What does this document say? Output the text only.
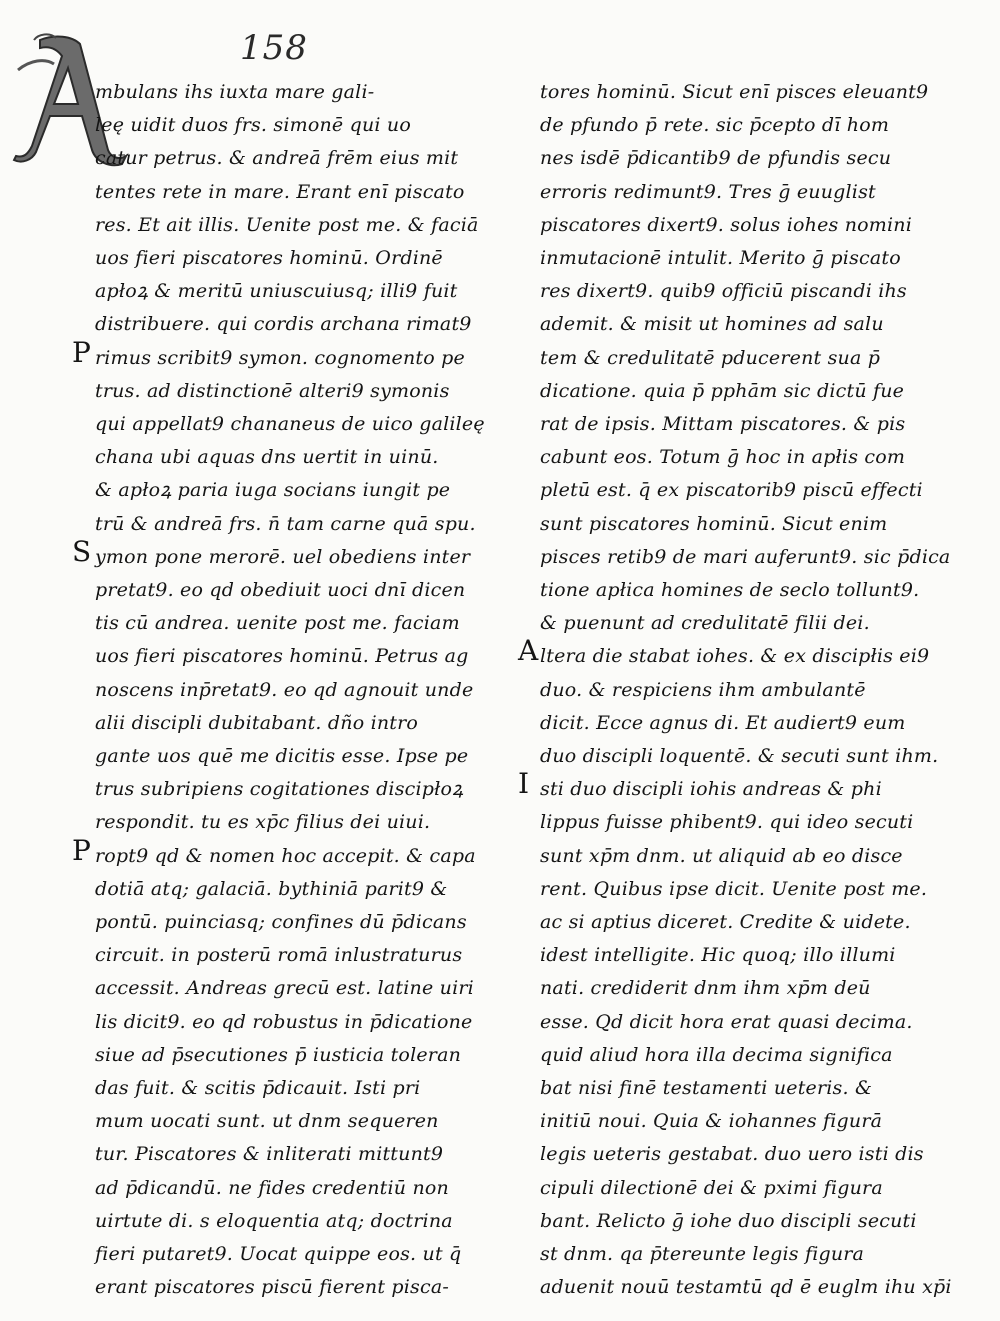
158
mbulans ihs iuxta mare gali-
leę uidit duos frs. simonē qui uo
catur petrus. & andreā frēm eius mit
tentes rete in mare. Erant enī piscato
res. Et ait illis. Uenite post me. & faciā
uos fieri piscatores hominū. Ordinē
apłoꝝ & meritū uniuscuiusq; illi9 fuit
distribuere. qui cordis archana rimat9
rimus scribit9 symon. cognomento pe
trus. ad distinctionē alteri9 symonis
qui appellat9 chananeus de uico galileę
chana ubi aquas dns uertit in uinū.
& apłoꝝ paria iuga socians iungit pe
trū & andreā frs. n̄ tam carne quā spu.
ymon pone merorē. uel obediens inter
pretat9. eo qd obediuit uoci dnī dicen
tis cū andrea. uenite post me. faciam
uos fieri piscatores hominū. Petrus ag
noscens inp̄retat9. eo qd agnouit unde
alii discipli dubitabant. dño intro
gante uos quē me dicitis esse. Ipse pe
trus subripiens cogitationes discipłoꝝ
respondit. tu es xp̄c filius dei uiui.
ropt9 qd & nomen hoc accepit. & capa
dotiā atq; galaciā. bythiniā parit9 &
pontū. puinciasq; confines dū p̄dicans
circuit. in posterū romā inlustraturus
accessit. Andreas grecū est. latine uiri
lis dicit9. eo qd robustus in p̄dicatione
siue ad p̄secutiones p̄ iusticia toleran
das fuit. & scitis p̄dicauit. Isti pri
mum uocati sunt. ut dnm sequeren
tur. Piscatores & inliterati mittunt9
ad p̄dicandū. ne fides credentiū non
uirtute di. s eloquentia atq; doctrina
fieri putaret9. Uocat quippe eos. ut q̄
erant piscatores piscū fierent pisca-
tores hominū. Sicut enī pisces eleuant9
de pfundo p̄ rete. sic p̄cepto dī hom
nes isdē p̄dicantib9 de pfundis secu
erroris redimunt9. Tres ḡ euuglist
piscatores dixert9. solus iohes nomini
inmutacionē intulit. Merito ḡ piscato
res dixert9. quib9 officiū piscandi ihs
ademit. & misit ut homines ad salu
tem & credulitatē pducerent sua p̄
dicatione. quia p̄ pphām sic dictū fue
rat de ipsis. Mittam piscatores. & pis
cabunt eos. Totum ḡ hoc in apłis com
pletū est. q̄ ex piscatorib9 piscū effecti
sunt piscatores hominū. Sicut enim
pisces retib9 de mari auferunt9. sic p̄dica
tione apłica homines de seclo tollunt9.
& puenunt ad credulitatē filii dei.
ltera die stabat iohes. & ex discipłis ei9
duo. & respiciens ihm ambulantē
dicit. Ecce agnus di. Et audiert9 eum
duo discipli loquentē. & secuti sunt ihm.
sti duo discipli iohis andreas & phi
lippus fuisse phibent9. qui ideo secuti
sunt xp̄m dnm. ut aliquid ab eo disce
rent. Quibus ipse dicit. Uenite post me.
ac si aptius diceret. Credite & uidete.
idest intelligite. Hic quoq; illo illumi
nati. crediderit dnm ihm xp̄m deū
esse. Qd dicit hora erat quasi decima.
quid aliud hora illa decima significa
bat nisi finē testamenti ueteris. &
initiū noui. Quia & iohannes figurā
legis ueteris gestabat. duo uero isti dis
cipuli dilectionē dei & pximi figura
bant. Relicto ḡ iohe duo discipli secuti
st dnm. qa p̄tereunte legis figura
aduenit nouū testamtū qd ē euglm ihu xp̄i
P
S
P
A
I
